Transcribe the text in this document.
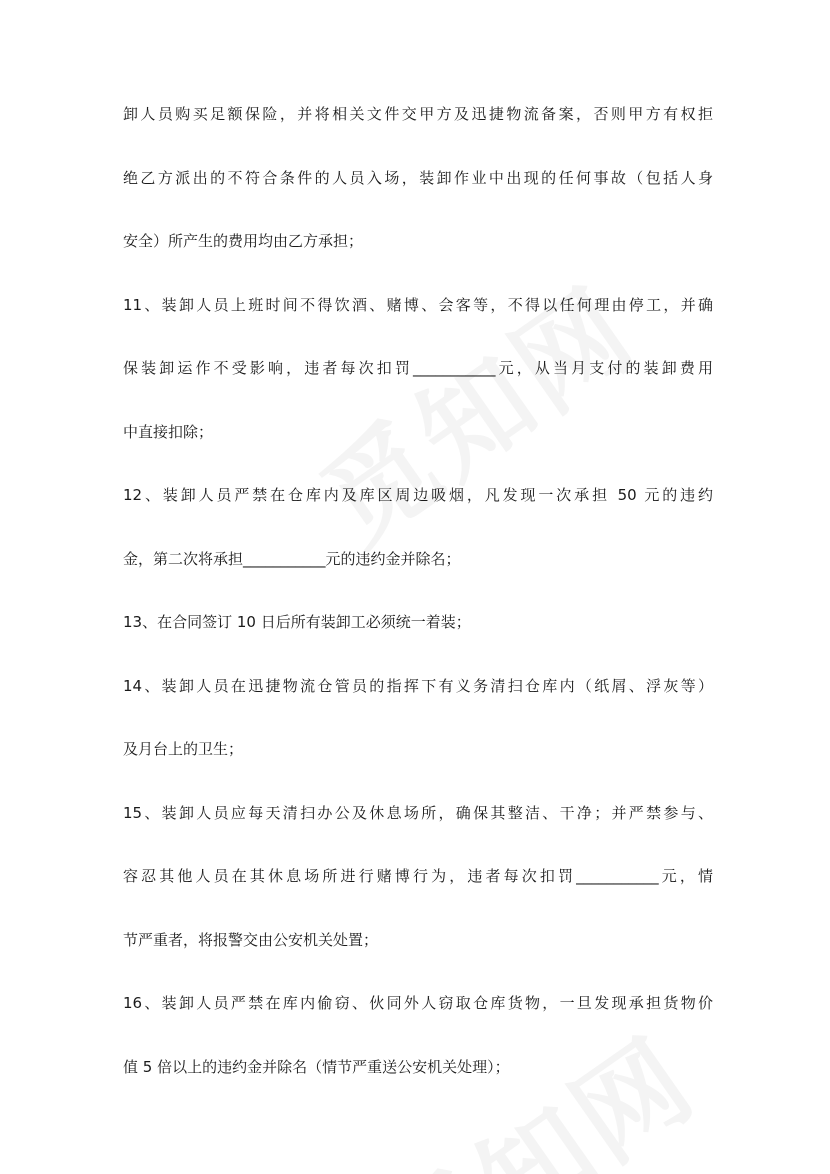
卸人员购买足额保险，并将相关文件交甲方及迅捷物流备案，否则甲方有权拒
绝乙方派出的不符合条件的人员入场，装卸作业中出现的任何事故（包括人身
安全）所产生的费用均由乙方承担；
11、装卸人员上班时间不得饮酒、赌博、会客等，不得以任何理由停工，并确
保装卸运作不受影响，违者每次扣罚___________元，从当月支付的装卸费用
中直接扣除；
12、装卸人员严禁在仓库内及库区周边吸烟，凡发现一次承担 50 元的违约
金，第二次将承担___________元的违约金并除名；
13、在合同签订 10 日后所有装卸工必须统一着装；
14、装卸人员在迅捷物流仓管员的指挥下有义务清扫仓库内（纸屑、浮灰等）
及月台上的卫生；
15、装卸人员应每天清扫办公及休息场所，确保其整洁、干净；并严禁参与、
容忍其他人员在其休息场所进行赌博行为，违者每次扣罚___________元，情
节严重者，将报警交由公安机关处置；
16、装卸人员严禁在库内偷窃、伙同外人窃取仓库货物，一旦发现承担货物价
值 5 倍以上的违约金并除名（情节严重送公安机关处理）；
